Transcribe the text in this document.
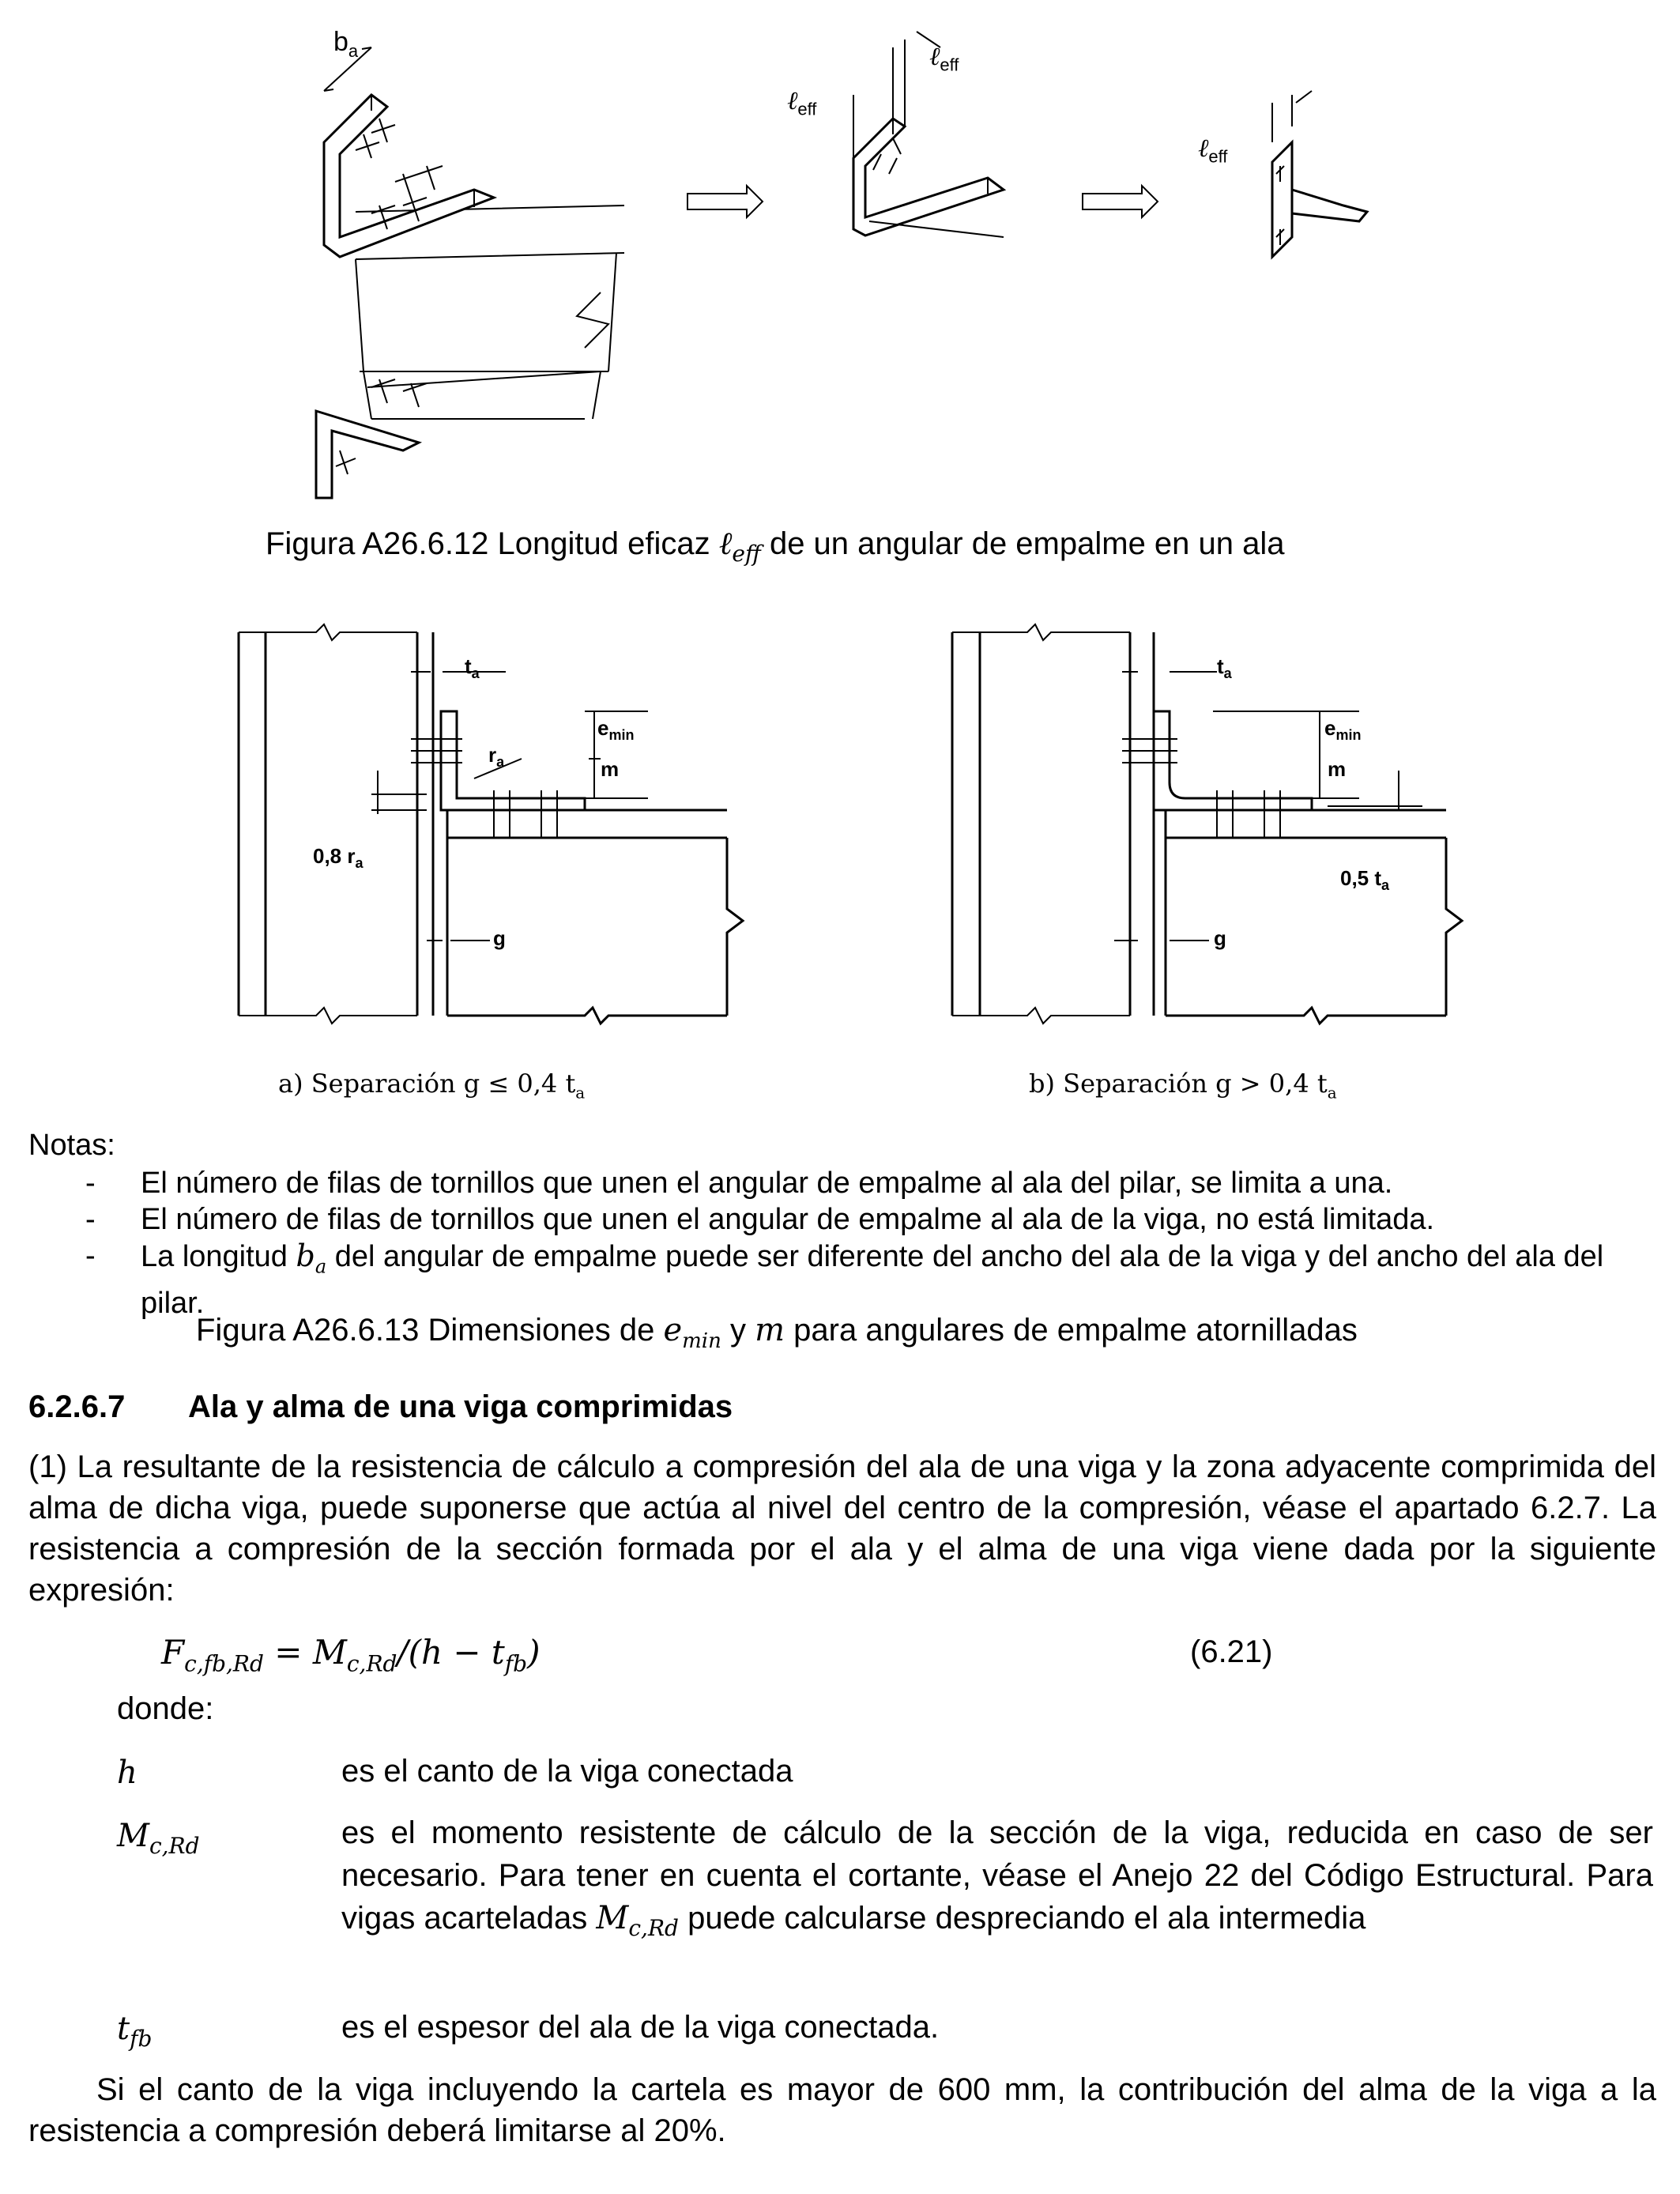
$b_a$
ℓ$_{eff}$
ℓ$_{eff}$
ℓ$_{eff}$
Figura A26.6.12 Longitud eficaz ℓ$_{eff}$ de un angular de empalme en un ala
$t_a$
$e_{min}$
m
$r_a$
0,8 $r_a$
g
$t_a$
$e_{min}$
m
0,5 $t_a$
g
a) Separación g ≤ 0,4 $t_a$	b) Separación g > 0,4 $t_a$
Notas:
- El número de filas de tornillos que unen el angular de empalme al ala del pilar, se limita a una.
- El número de filas de tornillos que unen el angular de empalme al ala de la viga, no está limitada.
- La longitud $b_a$ del angular de empalme puede ser diferente del ancho del ala de la viga y del ancho del ala del pilar.
Figura A26.6.13 Dimensiones de $e_{min}$ y m para angulares de empalme atornilladas
6.2.6.7 Ala y alma de una viga comprimidas
(1) La resultante de la resistencia de cálculo a compresión del ala de una viga y la zona adyacente comprimida del alma de dicha viga, puede suponerse que actúa al nivel del centro de la compresión, véase el apartado 6.2.7. La resistencia a compresión de la sección formada por el ala y el alma de una viga viene dada por la siguiente expresión:
$F_{c,fb,Rd} = M_{c,Rd}/(h - t_{fb})$	(6.21)
donde:
h	es el canto de la viga conectada
$M_{c,Rd}$	es el momento resistente de cálculo de la sección de la viga, reducida en caso de ser necesario. Para tener en cuenta el cortante, véase el Anejo 22 del Código Estructural. Para vigas acarteladas $M_{c,Rd}$ puede calcularse despreciando el ala intermedia
$t_{fb}$	es el espesor del ala de la viga conectada.
Si el canto de la viga incluyendo la cartela es mayor de 600 mm, la contribución del alma de la viga a la resistencia a compresión deberá limitarse al 20%.
